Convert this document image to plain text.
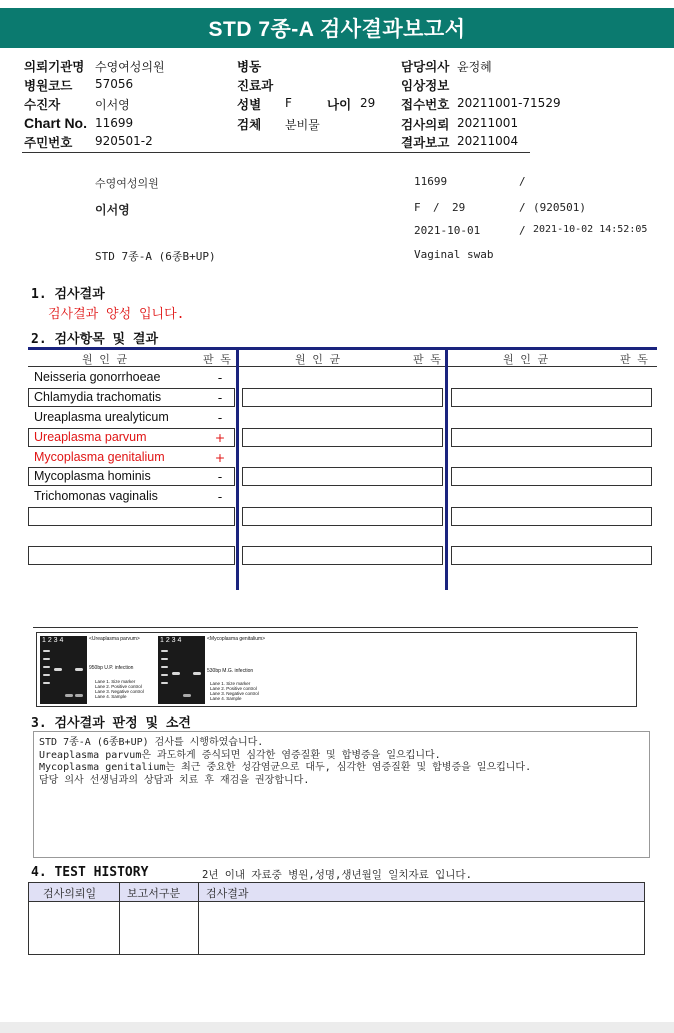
STD 7종-A 검사결과보고서
의뢰기관명 수영여성의원
병원코드 57056
수진자	이서영
Chart No. 11699
주민번호 920501-2
병동
진료과
성별 F	나이 29
검체 분비물
담당의사 윤정혜
임상정보
접수번호 20211001-71529
검사의뢰 20211001
결과보고 20211004
수영여성의원
이서영
STD 7종-A (6종B+UP)
11699	/
F / 29	/ (920501)
2021-10-01	/ 2021-10-02 14:52:05
Vaginal swab
1. 검사결과
검사결과 양성 입니다.
2. 검사항목 및 결과
원 인 균	판 독	원 인 균	판 독	원 인 균	판 독
Neisseria gonorrhoeae	-
Chlamydia trachomatis	-
Ureaplasma urealyticum	-
Ureaplasma parvum	+
Mycoplasma genitalium	+
Mycoplasma hominis	-
Trichomonas vaginalis	-
1 2 3 4	<Ureaplasma parvum>
950bp U.P. infection
Lane 1. Size marker
Lane 2. Positive control
Lane 3. Negative control
Lane 4. Sample
1 2 3 4	<Mycoplasma genitalium>
530bp M.G. infection
Lane 1. Size marker
Lane 2. Positive control
Lane 3. Negative control
Lane 4. Sample
3. 검사결과 판정 및 소견
STD 7종-A (6종B+UP) 검사를 시행하였습니다.
Ureaplasma parvum은 과도하게 증식되면 심각한 염증질환 및 합병증을 일으킵니다.
Mycoplasma genitalium는 최근 중요한 성감염균으로 대두, 심각한 염증질환 및 합병증을 일으킵니다.
담당 의사 선생님과의 상담과 치료 후 재검을 권장합니다.
4. TEST HISTORY	2년 이내 자료중 병원,성명,생년월일 일치자료 입니다.
검사의뢰일	보고서구분 검사결과
